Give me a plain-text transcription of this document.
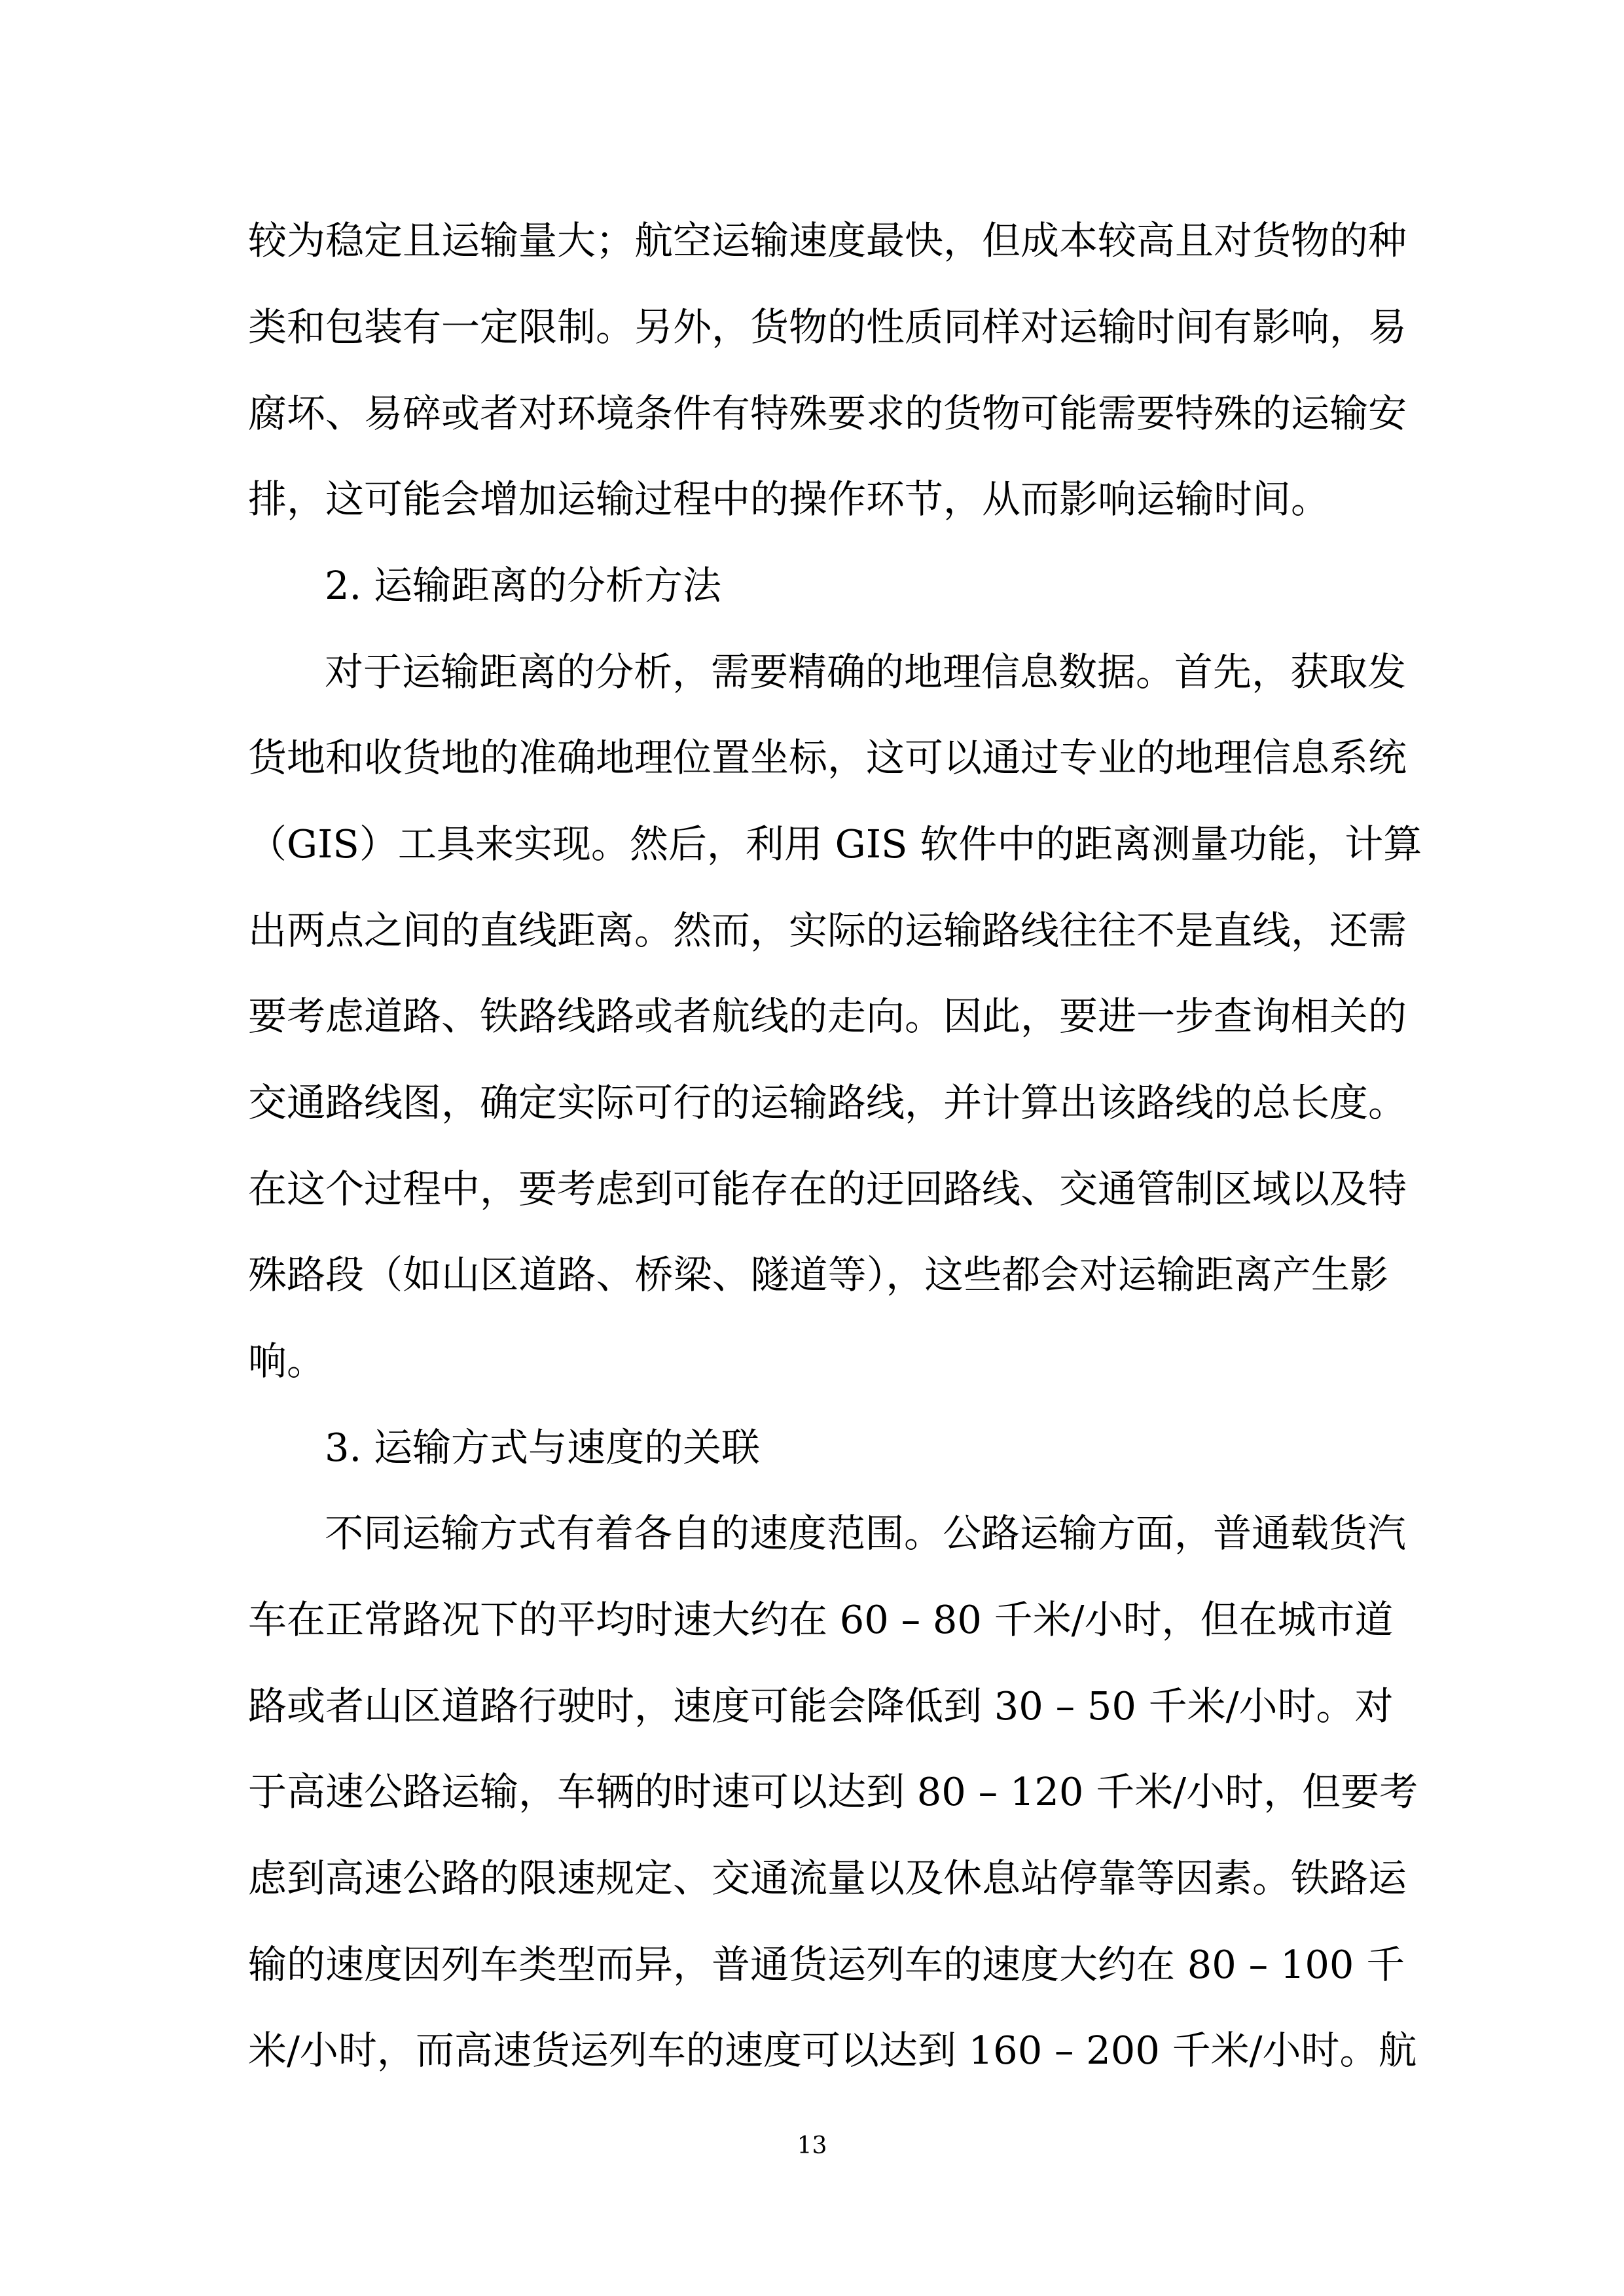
较为稳定且运输量大；航空运输速度最快，但成本较高且对货物的种
类和包装有一定限制。另外，货物的性质同样对运输时间有影响，易
腐坏、易碎或者对环境条件有特殊要求的货物可能需要特殊的运输安
排，这可能会增加运输过程中的操作环节，从而影响运输时间。
2. 运输距离的分析方法
对于运输距离的分析，需要精确的地理信息数据。首先，获取发
货地和收货地的准确地理位置坐标，这可以通过专业的地理信息系统
（GIS）工具来实现。然后，利用 GIS 软件中的距离测量功能，计算
出两点之间的直线距离。然而，实际的运输路线往往不是直线，还需
要考虑道路、铁路线路或者航线的走向。因此，要进一步查询相关的
交通路线图，确定实际可行的运输路线，并计算出该路线的总长度。
在这个过程中，要考虑到可能存在的迂回路线、交通管制区域以及特
殊路段（如山区道路、桥梁、隧道等），这些都会对运输距离产生影
响。
3. 运输方式与速度的关联
不同运输方式有着各自的速度范围。公路运输方面，普通载货汽
车在正常路况下的平均时速大约在 60 – 80 千米/小时，但在城市道
路或者山区道路行驶时，速度可能会降低到 30 – 50 千米/小时。对
于高速公路运输，车辆的时速可以达到 80 – 120 千米/小时，但要考
虑到高速公路的限速规定、交通流量以及休息站停靠等因素。铁路运
输的速度因列车类型而异，普通货运列车的速度大约在 80 – 100 千
米/小时，而高速货运列车的速度可以达到 160 – 200 千米/小时。航
13
